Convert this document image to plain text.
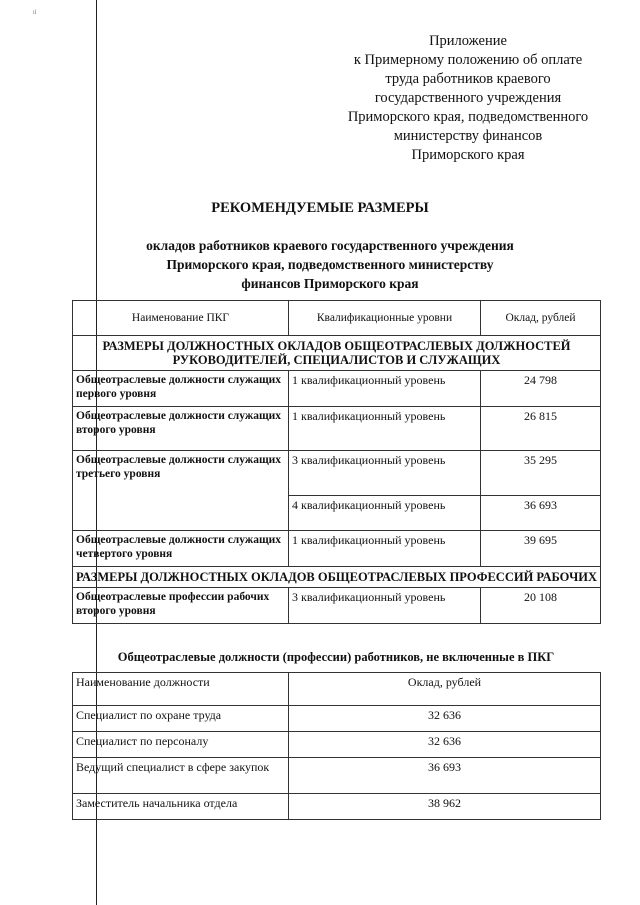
il
Приложение
к Примерному положению об оплате
труда работников краевого
государственного учреждения
Приморского края, подведомственного
министерству финансов
Приморского края
РЕКОМЕНДУЕМЫЕ РАЗМЕРЫ
окладов работников краевого государственного учреждения
Приморского края, подведомственного министерству
финансов Приморского края
Наименование ПКГ	Квалификационные уровни	Оклад, рублей
РАЗМЕРЫ ДОЛЖНОСТНЫХ ОКЛАДОВ ОБЩЕОТРАСЛЕВЫХ ДОЛЖНОСТЕЙ РУКОВОДИТЕЛЕЙ, СПЕЦИАЛИСТОВ И СЛУЖАЩИХ		
Общеотраслевые должности служащих первого уровня	1 квалификационный уровень	24 798
Общеотраслевые должности служащих второго уровня	1 квалификационный уровень	26 815
Общеотраслевые должности служащих третьего уровня	3 квалификационный уровень	35 295
	4 квалификационный уровень	36 693
Общеотраслевые должности служащих четвертого уровня	1 квалификационный уровень	39 695
РАЗМЕРЫ ДОЛЖНОСТНЫХ ОКЛАДОВ ОБЩЕОТРАСЛЕВЫХ ПРОФЕССИЙ РАБОЧИХ		
Общеотраслевые профессии рабочих второго уровня	3 квалификационный уровень	20 108
Общеотраслевые должности (профессии) работников, не включенные в ПКГ
Наименование должности	Оклад, рублей
Специалист по охране труда	32 636
Специалист по персоналу	32 636
Ведущий специалист в сфере закупок	36 693
Заместитель начальника отдела	38 962
